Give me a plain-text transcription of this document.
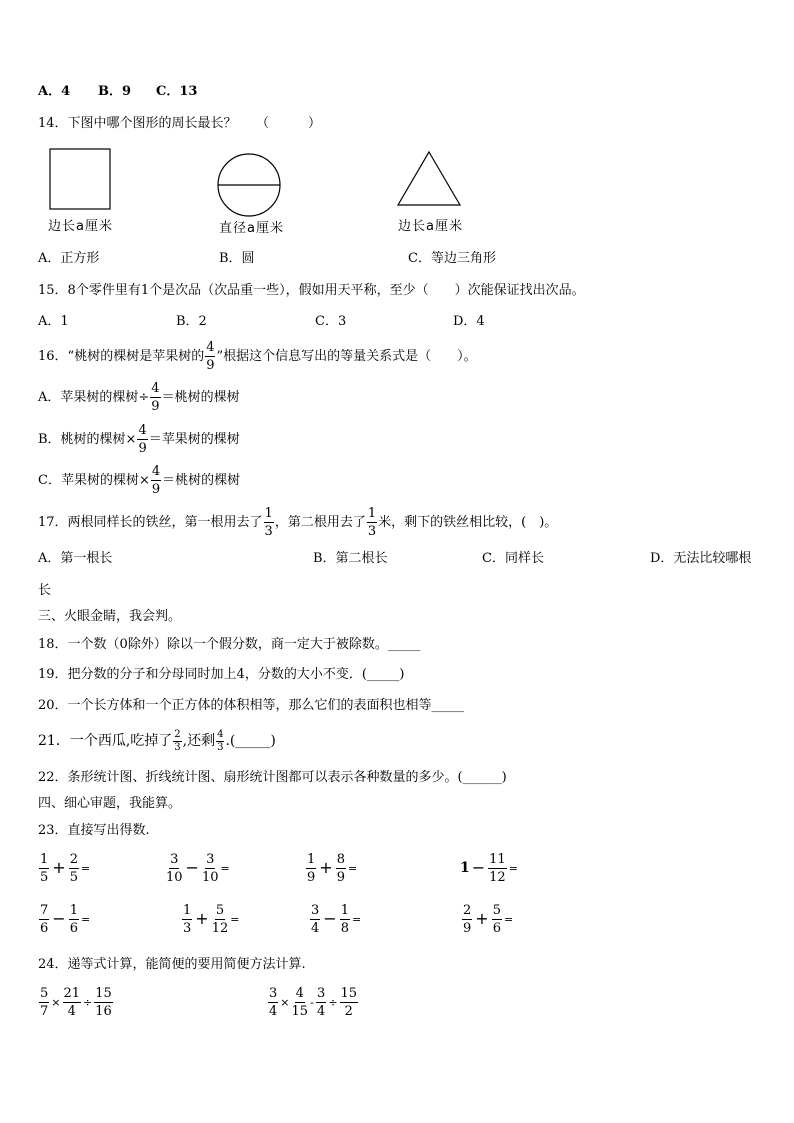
A．4 B．9 C．13
14．下图中哪个图形的周长最长？　　（　　　）
边长a厘米	直径a厘米	边长a厘米
A．正方形	B．圆	C．等边三角形
15．8个零件里有1个是次品（次品重一些），假如用天平称，至少（　　）次能保证找出次品。
A．1	B．2	C．3	D．4
16．“桃树的棵树是苹果树的 $\frac{4}{9}$ ”根据这个信息写出的等量关系式是（　　）。
A．苹果树的棵树÷ $\frac{4}{9}$ ＝桃树的棵树
B．桃树的棵树× $\frac{4}{9}$ ＝苹果树的棵树
C．苹果树的棵树× $\frac{4}{9}$ ＝桃树的棵树
17．两根同样长的铁丝，第一根用去了 $\frac{1}{3}$ ，第二根用去了 $\frac{1}{3}$ 米，剩下的铁丝相比较，(　)。
A．第一根长	B．第二根长	C．同样长	D．无法比较哪根
长
三、火眼金睛，我会判。
18．一个数（0除外）除以一个假分数，商一定大于被除数。_____
19．把分数的分子和分母同时加上4，分数的大小不变．(_____)
20．一个长方体和一个正方体的体积相等，那么它们的表面积也相等_____
21．一个西瓜,吃掉了 $\frac{2}{3}$ ,还剩 $\frac{4}{3}$ .(_____)
22．条形统计图、折线统计图、扇形统计图都可以表示各种数量的多少。(______)
四、细心审题，我能算。
23．直接写出得数.
$\frac{1}{5} + \frac{2}{5}$ =	$\frac{3}{10} - \frac{3}{10}$ =	$\frac{1}{9} + \frac{8}{9}$ =	$1 - \frac{11}{12}$ =
$\frac{7}{6} - \frac{1}{6}$ =	$\frac{1}{3} + \frac{5}{12}$ =	$\frac{3}{4} - \frac{1}{8}$ =	$\frac{2}{9} + \frac{5}{6}$ =
24．递等式计算，能简便的要用简便方法计算.
$\frac{5}{7} \times \frac{21}{4} \div \frac{15}{16}$	$\frac{3}{4} \times \frac{4}{15} - \frac{3}{4} \div \frac{15}{2}$
